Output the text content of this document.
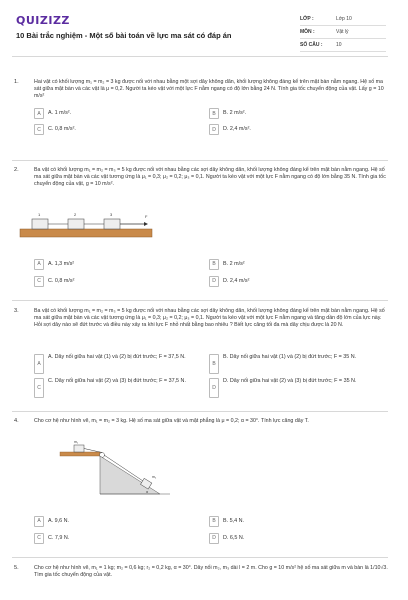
QUIZIZZ
10 Bài trắc nghiệm - Một số bài toán về lực ma sát có đáp án
LỚP :	Lớp 10
MÔN :	Vật lý
SỐ CÂU :	10
1.	Hai vật có khối lượng m₁ = m₂ = 3 kg được nối với nhau bằng một sợi dây không dãn, khối lượng không đáng kể trên mặt bàn nằm ngang. Hệ số ma sát giữa mặt bàn và các vật là μ = 0,2. Người ta kéo vật với một lực F nằm ngang có độ lớn bằng 24 N. Tính gia tốc chuyển động của vật. Lấy g = 10 m/s²
A	A. 1 m/s².	B	B. 2 m/s².
C	C. 0,8 m/s².	D	D. 2,4 m/s².
2.	Ba vật có khối lượng m₁ = m₂ = m₃ = 5 kg được nối với nhau bằng các sợi dây không dãn, khối lượng không đáng kể trên mặt bàn nằm ngang. Hệ số ma sát giữa mặt bàn và các vật tương ứng là μ₁ = 0,3; μ₂ = 0,2; μ₃ = 0,1. Người ta kéo vật với một lực F nằm ngang có độ lớn bằng 35 N. Tính gia tốc chuyển động của vật, g = 10 m/s².
1	2	3	F
A	A. 1,3 m/s²	B	B. 2 m/s²
C	C. 0,8 m/s²	D	D. 2,4 m/s²
3.	Ba vật có khối lượng m₁ = m₂ = m₃ = 5 kg được nối với nhau bằng các sợi dây không dãn, khối lượng không đáng kể trên mặt bàn nằm ngang. Hệ số ma sát giữa mặt bàn và các vật tương ứng là μ₁ = 0,3; μ₂ = 0,2; μ₃ = 0,1. Người ta kéo vật với một lực F nằm ngang và tăng dần độ lớn của lực này. Hỏi sợi dây nào sẽ đứt trước và điều này xảy ra khi lực F nhỏ nhất bằng bao nhiêu ? Biết lực căng tối đa mà dây chịu được là 20 N.
A
A. Dây nối giữa hai vật (1) và (2) bị đứt trước; F = 37,5 N.
B
B. Dây nối giữa hai vật (1) và (2) bị đứt trước; F = 35 N.
C
C. Dây nối giữa hai vật (2) và (3) bị đứt trước; F = 37,5 N.
D
D. Dây nối giữa hai vật (2) và (3) bị đứt trước; F = 35 N.
4.	Cho cơ hệ như hình vẽ, m₁ = m₂ = 3 kg. Hệ số ma sát giữa vật và mặt phẳng là μ = 0,2; α = 30°. Tính lực căng dây T.
m₁
m₂
α
A	A. 9,6 N.	B	B. 5,4 N.
C	C. 7,9 N.	D	D. 6,5 N.
5.	Cho cơ hệ như hình vẽ, m₁ = 1 kg; m₂ = 0,6 kg; r₂ = 0,2 kg, α = 30°. Dây nối m₂, m₃ dài l = 2 m. Cho g = 10 m/s² hệ số ma sát giữa m và bàn là 1/10√3. Tìm gia tốc chuyển động của vật.
